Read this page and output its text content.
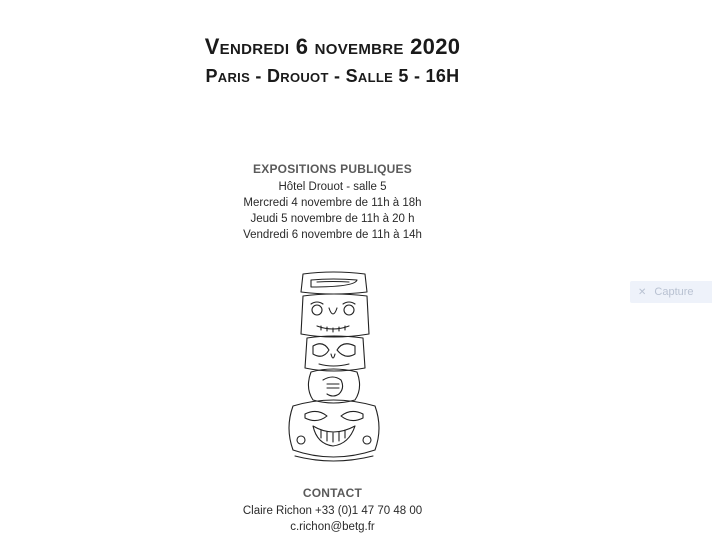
Vendredi 6 novembre 2020
Paris - Drouot - Salle 5 - 16H
EXPOSITIONS PUBLIQUES
Hôtel Drouot - salle 5
Mercredi 4 novembre de 11h à 18h
Jeudi 5 novembre de 11h à 20 h
Vendredi 6 novembre de 11h à 14h
CONTACT
Claire Richon +33 (0)1 47 70 48 00
c.richon@betg.fr
✕ Capture
